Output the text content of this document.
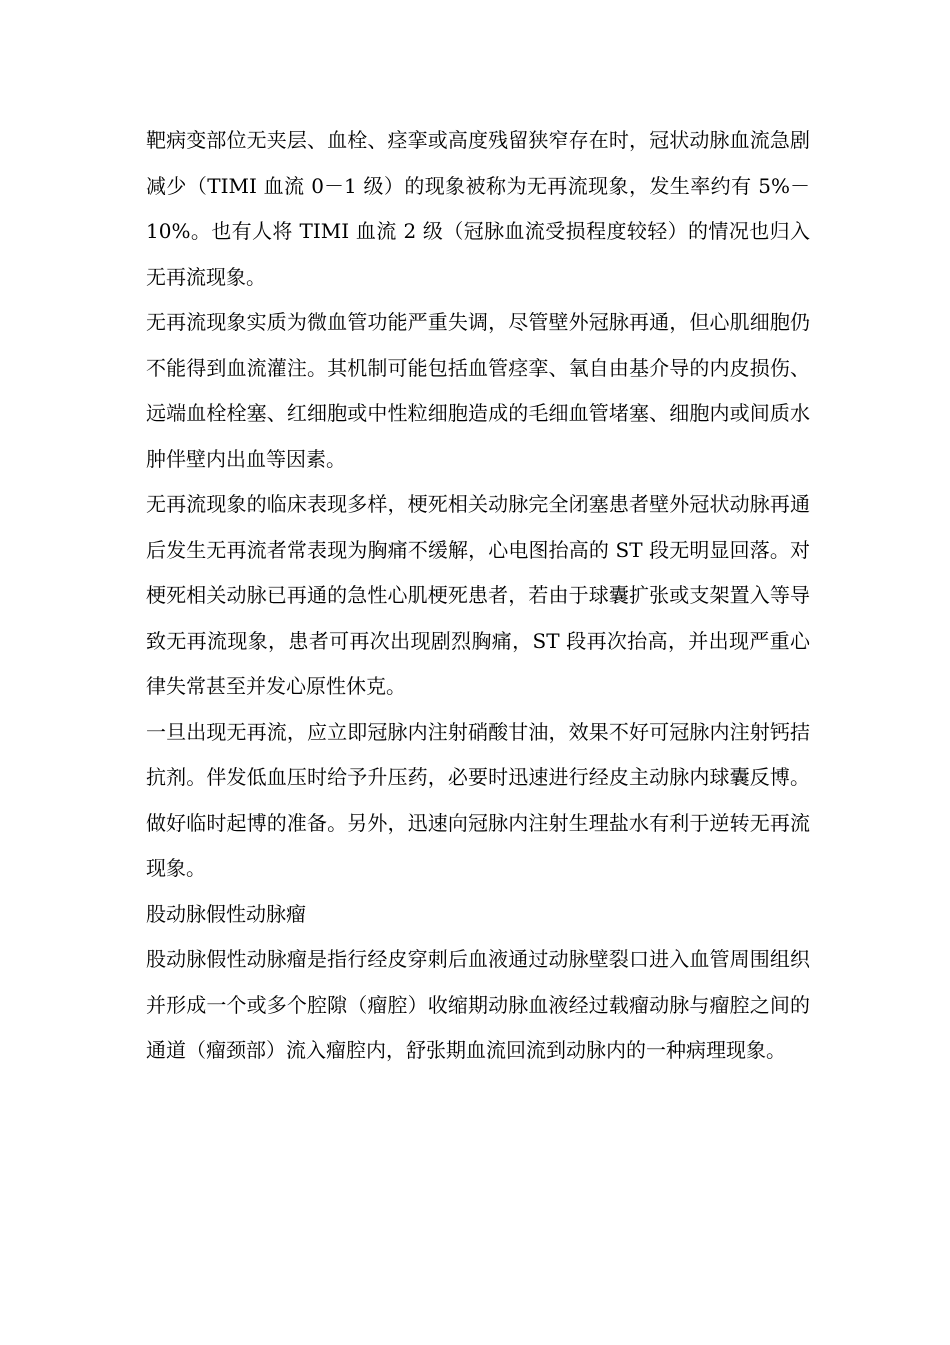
靶病变部位无夹层、血栓、痉挛或高度残留狭窄存在时，冠状动脉血流急剧减少（TIMI 血流 0－1 级）的现象被称为无再流现象，发生率约有 5%－10%。也有人将 TIMI 血流 2 级（冠脉血流受损程度较轻）的情况也归入无再流现象。

无再流现象实质为微血管功能严重失调，尽管壁外冠脉再通，但心肌细胞仍不能得到血流灌注。其机制可能包括血管痉挛、氧自由基介导的内皮损伤、远端血栓栓塞、红细胞或中性粒细胞造成的毛细血管堵塞、细胞内或间质水肿伴壁内出血等因素。

无再流现象的临床表现多样，梗死相关动脉完全闭塞患者壁外冠状动脉再通后发生无再流者常表现为胸痛不缓解，心电图抬高的 ST 段无明显回落。对梗死相关动脉已再通的急性心肌梗死患者，若由于球囊扩张或支架置入等导致无再流现象，患者可再次出现剧烈胸痛，ST 段再次抬高，并出现严重心律失常甚至并发心原性休克。

一旦出现无再流，应立即冠脉内注射硝酸甘油，效果不好可冠脉内注射钙拮抗剂。伴发低血压时给予升压药，必要时迅速进行经皮主动脉内球囊反博。做好临时起博的准备。另外，迅速向冠脉内注射生理盐水有利于逆转无再流现象。

股动脉假性动脉瘤

股动脉假性动脉瘤是指行经皮穿刺后血液通过动脉壁裂口进入血管周围组织并形成一个或多个腔隙（瘤腔）收缩期动脉血液经过载瘤动脉与瘤腔之间的通道（瘤颈部）流入瘤腔内，舒张期血流回流到动脉内的一种病理现象。
